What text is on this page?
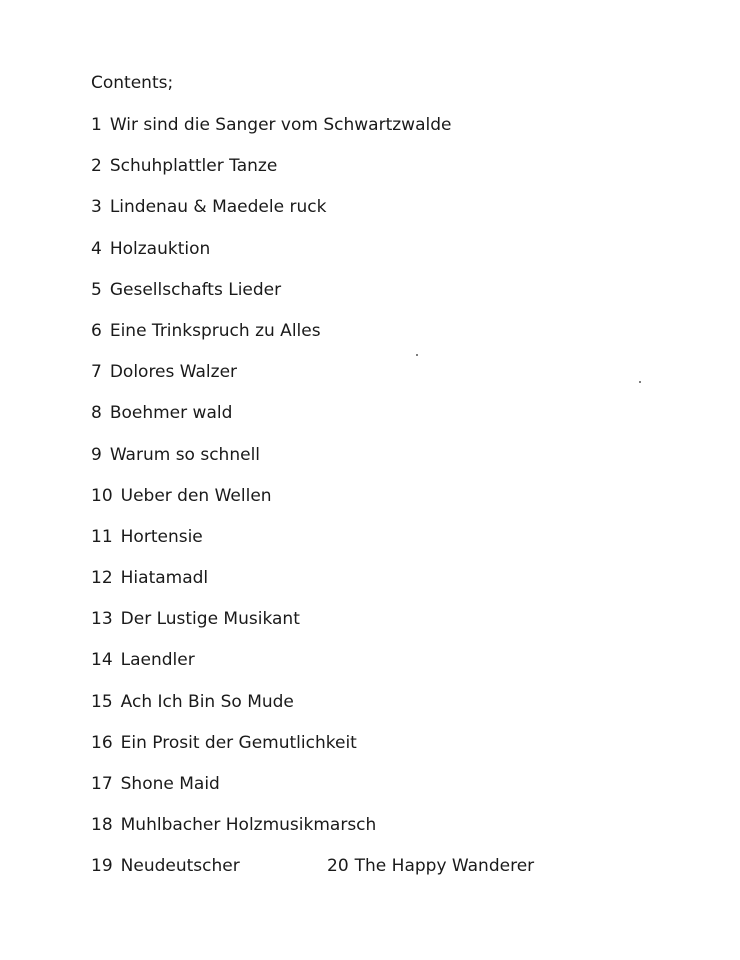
Contents;
1 Wir sind die Sanger vom Schwartzwalde
2 Schuhplattler Tanze
3 Lindenau & Maedele ruck
4 Holzauktion
5 Gesellschafts Lieder
6 Eine Trinkspruch zu Alles
7 Dolores Walzer
8 Boehmer wald
9 Warum so schnell
10 Ueber den Wellen
11 Hortensie
12 Hiatamadl
13 Der Lustige Musikant
14 Laendler
15 Ach Ich Bin So Mude
16 Ein Prosit der Gemutlichkeit
17 Shone Maid
18 Muhlbacher Holzmusikmarsch
19 Neudeutscher	20 The Happy Wanderer
